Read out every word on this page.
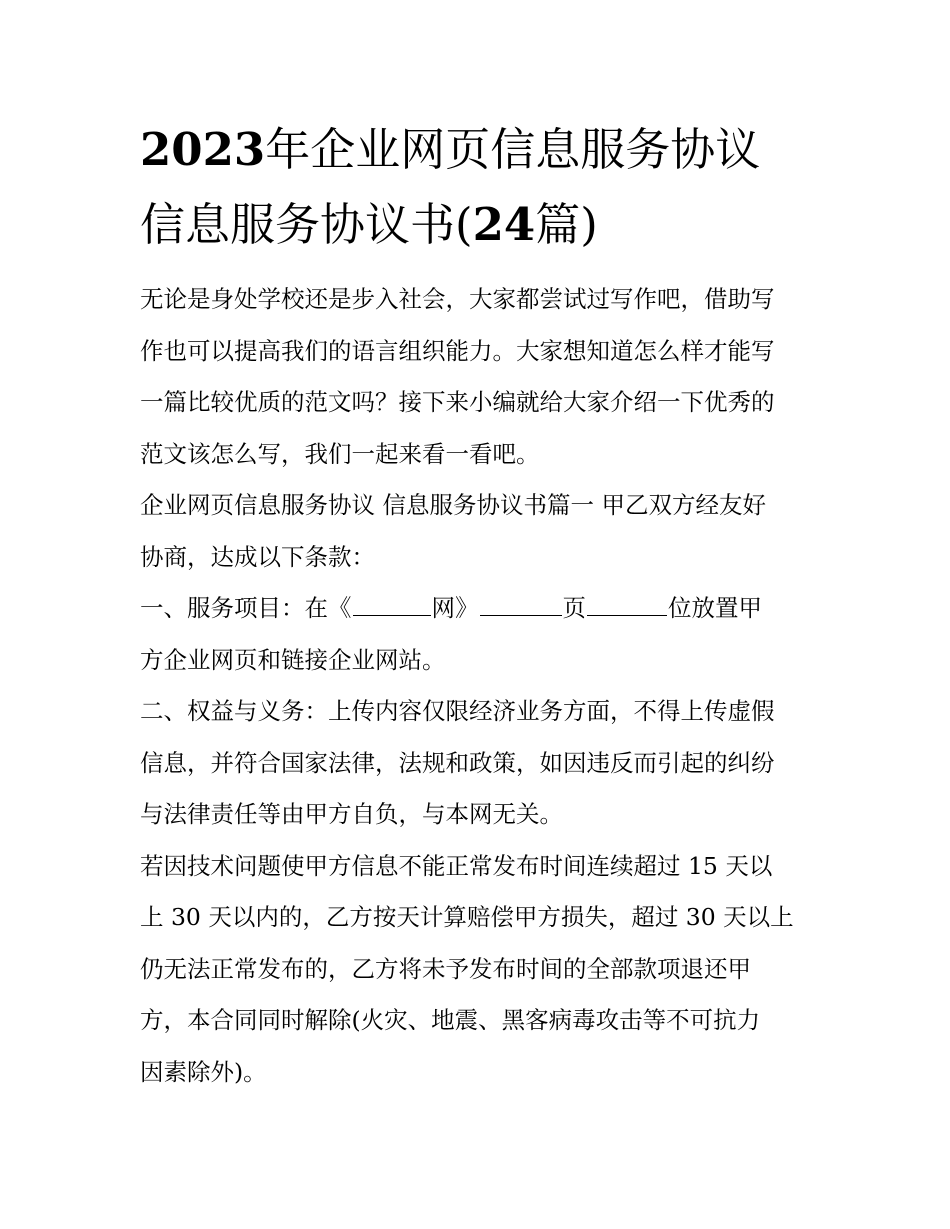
2023年企业网页信息服务协议
信息服务协议书(24篇)
无论是身处学校还是步入社会，大家都尝试过写作吧，借助写
作也可以提高我们的语言组织能力。大家想知道怎么样才能写
一篇比较优质的范文吗？接下来小编就给大家介绍一下优秀的
范文该怎么写，我们一起来看一看吧。
企业网页信息服务协议 信息服务协议书篇一 甲乙双方经友好
协商，达成以下条款：
一、服务项目：在《	网》	页	位放置甲
方企业网页和链接企业网站。
二、权益与义务：上传内容仅限经济业务方面，不得上传虚假
信息，并符合国家法律，法规和政策，如因违反而引起的纠纷
与法律责任等由甲方自负，与本网无关。
若因技术问题使甲方信息不能正常发布时间连续超过 15 天以
上 30 天以内的，乙方按天计算赔偿甲方损失，超过 30 天以上
仍无法正常发布的，乙方将未予发布时间的全部款项退还甲
方，本合同同时解除(火灾、地震、黑客病毒攻击等不可抗力
因素除外)。
